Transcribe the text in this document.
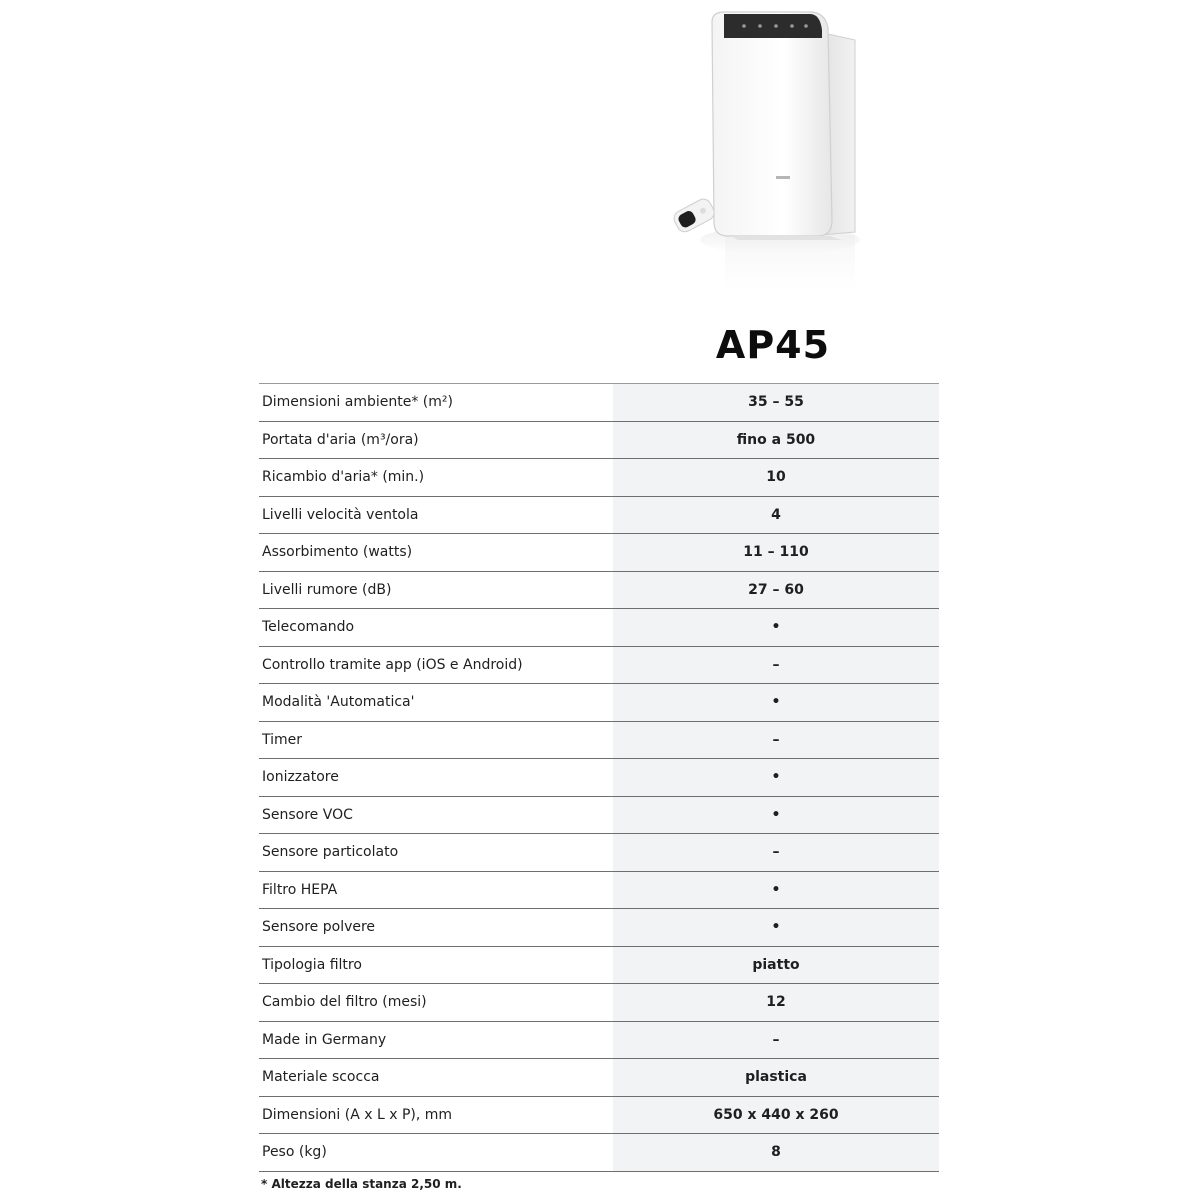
AP45
Dimensioni ambiente* (m²)	35 – 55
Portata d'aria (m³/ora)	fino a 500
Ricambio d'aria* (min.)	10
Livelli velocità ventola	4
Assorbimento (watts)	11 – 110
Livelli rumore (dB)	27 – 60
Telecomando	•
Controllo tramite app (iOS e Android)	–
Modalità 'Automatica'	•
Timer	–
Ionizzatore	•
Sensore VOC	•
Sensore particolato	–
Filtro HEPA	•
Sensore polvere	•
Tipologia filtro	piatto
Cambio del filtro (mesi)	12
Made in Germany	–
Materiale scocca	plastica
Dimensioni (A x L x P), mm	650 x 440 x 260
Peso (kg)	8
* Altezza della stanza 2,50 m.
